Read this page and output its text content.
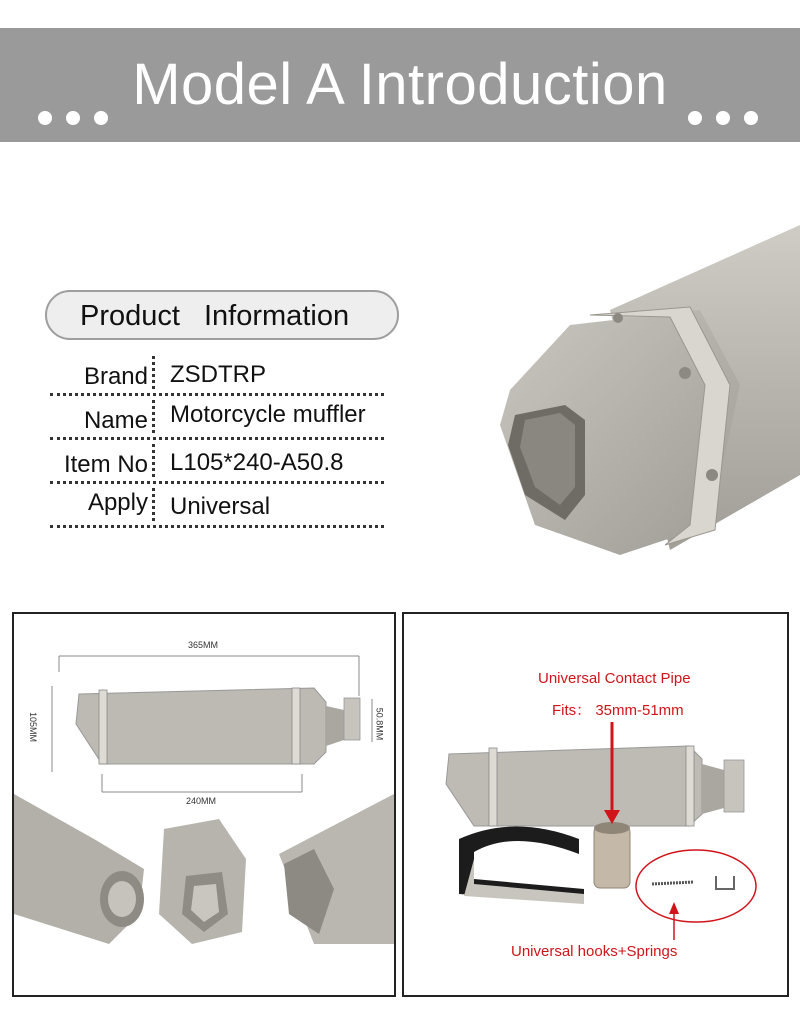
Model A Introduction
Product Information
Brand ZSDTRP
Name Motorcycle muffler
Item No L105*240-A50.8
Apply Universal
365MM
240MM
105MM	50.8MM
Universal Contact Pipe
Fits： 35mm-51mm
Universal hooks+Springs
